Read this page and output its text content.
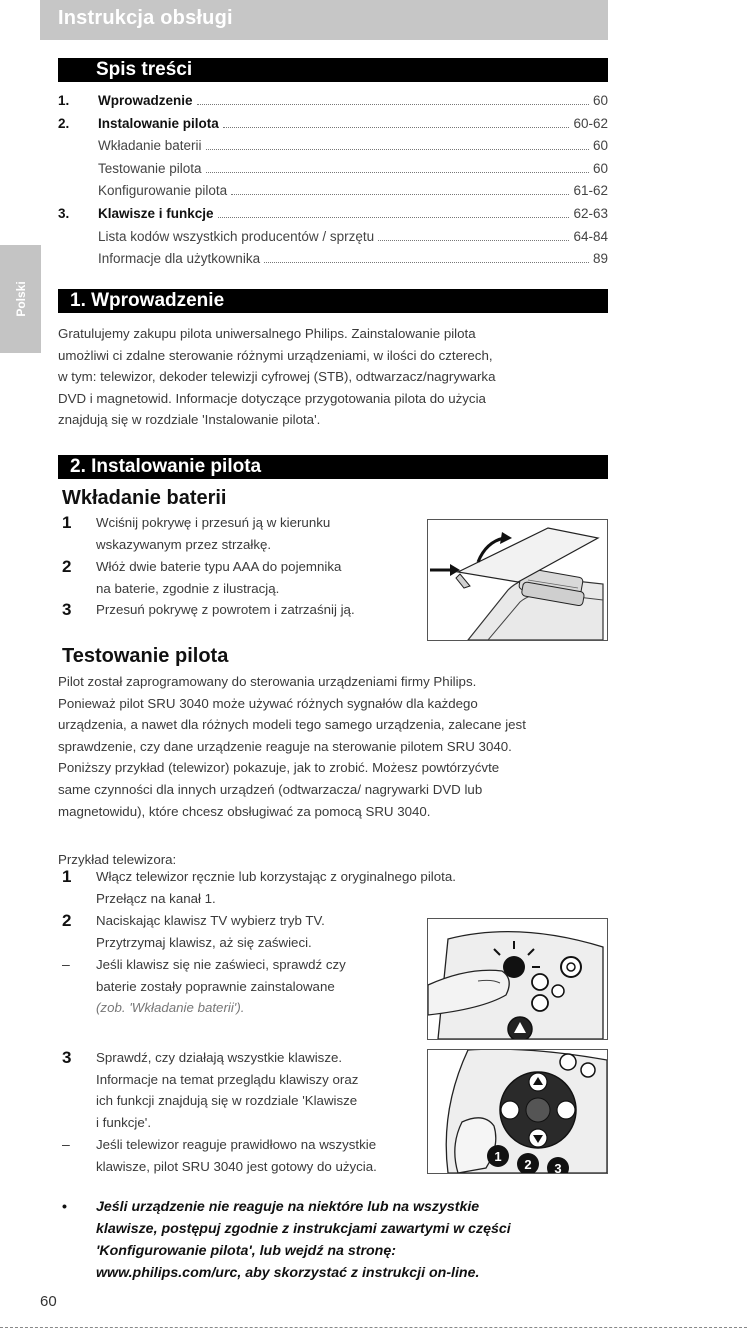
Instrukcja obsługi
Polski
Spis treści
1.	Wprowadzenie	60
2.	Instalowanie pilota	60-62
Wkładanie baterii	60
Testowanie pilota	60
Konfigurowanie pilota	61-62
3.	Klawisze i funkcje	62-63
Lista kodów wszystkich producentów / sprzętu	64-84
Informacje dla użytkownika	89
1. Wprowadzenie
Gratulujemy zakupu pilota uniwersalnego Philips. Zainstalowanie pilota
umożliwi ci zdalne sterowanie różnymi urządzeniami, w ilości do czterech,
w tym: telewizor, dekoder telewizji cyfrowej (STB), odtwarzacz/nagrywarka
DVD i magnetowid. Informacje dotyczące przygotowania pilota do użycia
znajdują się w rozdziale 'Instalowanie pilota'.
2. Instalowanie pilota
Wkładanie baterii
1	Wciśnij pokrywę i przesuń ją w kierunku
wskazywanym przez strzałkę.
2	Włóż dwie baterie typu AAA do pojemnika
na baterie, zgodnie z ilustracją.
3	Przesuń pokrywę z powrotem i zatrzaśnij ją.
Testowanie pilota
Pilot został zaprogramowany do sterowania urządzeniami firmy Philips.
Ponieważ pilot SRU 3040 może używać różnych sygnałów dla każdego
urządzenia, a nawet dla różnych modeli tego samego urządzenia, zalecane jest
sprawdzenie, czy dane urządzenie reaguje na sterowanie pilotem SRU 3040.
Poniższy przykład (telewizor) pokazuje, jak to zrobić. Możesz powtórzyćvte
same czynności dla innych urządzeń (odtwarzacza/ nagrywarki DVD lub
magnetowidu), które chcesz obsługiwać za pomocą SRU 3040.
Przykład telewizora:
1	Włącz telewizor ręcznie lub korzystając z oryginalnego pilota.
Przełącz na kanał 1.
2	Naciskając klawisz TV wybierz tryb TV.
Przytrzymaj klawisz, aż się zaświeci.
–	Jeśli klawisz się nie zaświeci, sprawdź czy
baterie zostały poprawnie zainstalowane
(zob. 'Wkładanie baterii').
3	Sprawdź, czy działają wszystkie klawisze.
Informacje na temat przeglądu klawiszy oraz
ich funkcji znajdują się w rozdziale 'Klawisze
i funkcje'.
–	Jeśli telewizor reaguje prawidłowo na wszystkie
klawisze, pilot SRU 3040 jest gotowy do użycia.
1
2 3
• Jeśli urządzenie nie reaguje na niektóre lub na wszystkie
klawisze, postępuj zgodnie z instrukcjami zawartymi w części
'Konfigurowanie pilota', lub wejdź na stronę:
www.philips.com/urc, aby skorzystać z instrukcji on-line.
60
